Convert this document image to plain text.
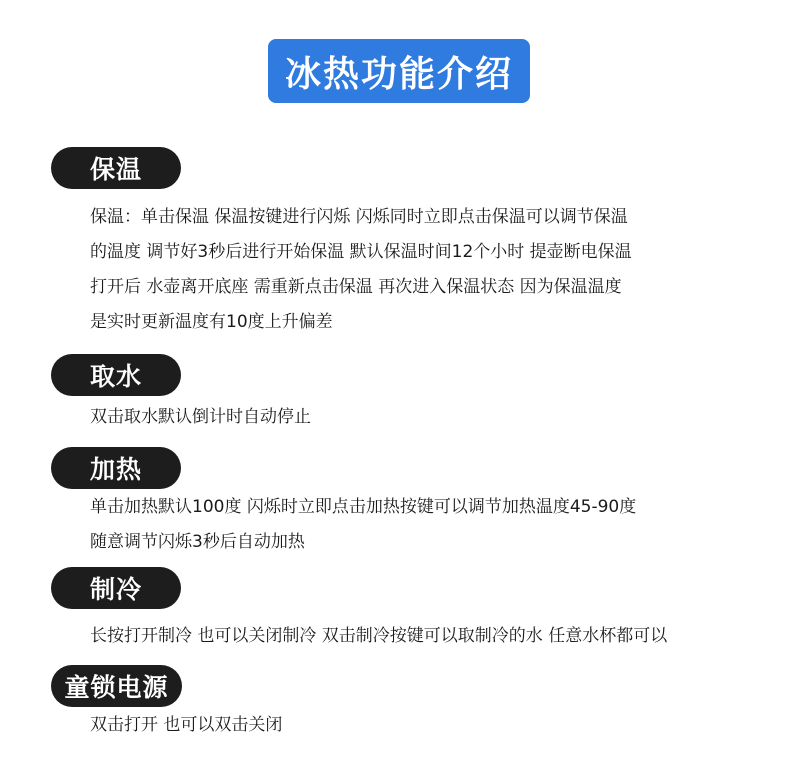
冰热功能介绍
保温
保温：单击保温 保温按键进行闪烁 闪烁同时立即点击保温可以调节保温
的温度 调节好3秒后进行开始保温 默认保温时间12个小时 提壶断电保温
打开后 水壶离开底座 需重新点击保温 再次进入保温状态 因为保温温度
是实时更新温度有10度上升偏差
取水
双击取水默认倒计时自动停止
加热
单击加热默认100度 闪烁时立即点击加热按键可以调节加热温度45-90度
随意调节闪烁3秒后自动加热
制冷
长按打开制冷 也可以关闭制冷 双击制冷按键可以取制冷的水 任意水杯都可以
童锁电源
双击打开 也可以双击关闭
